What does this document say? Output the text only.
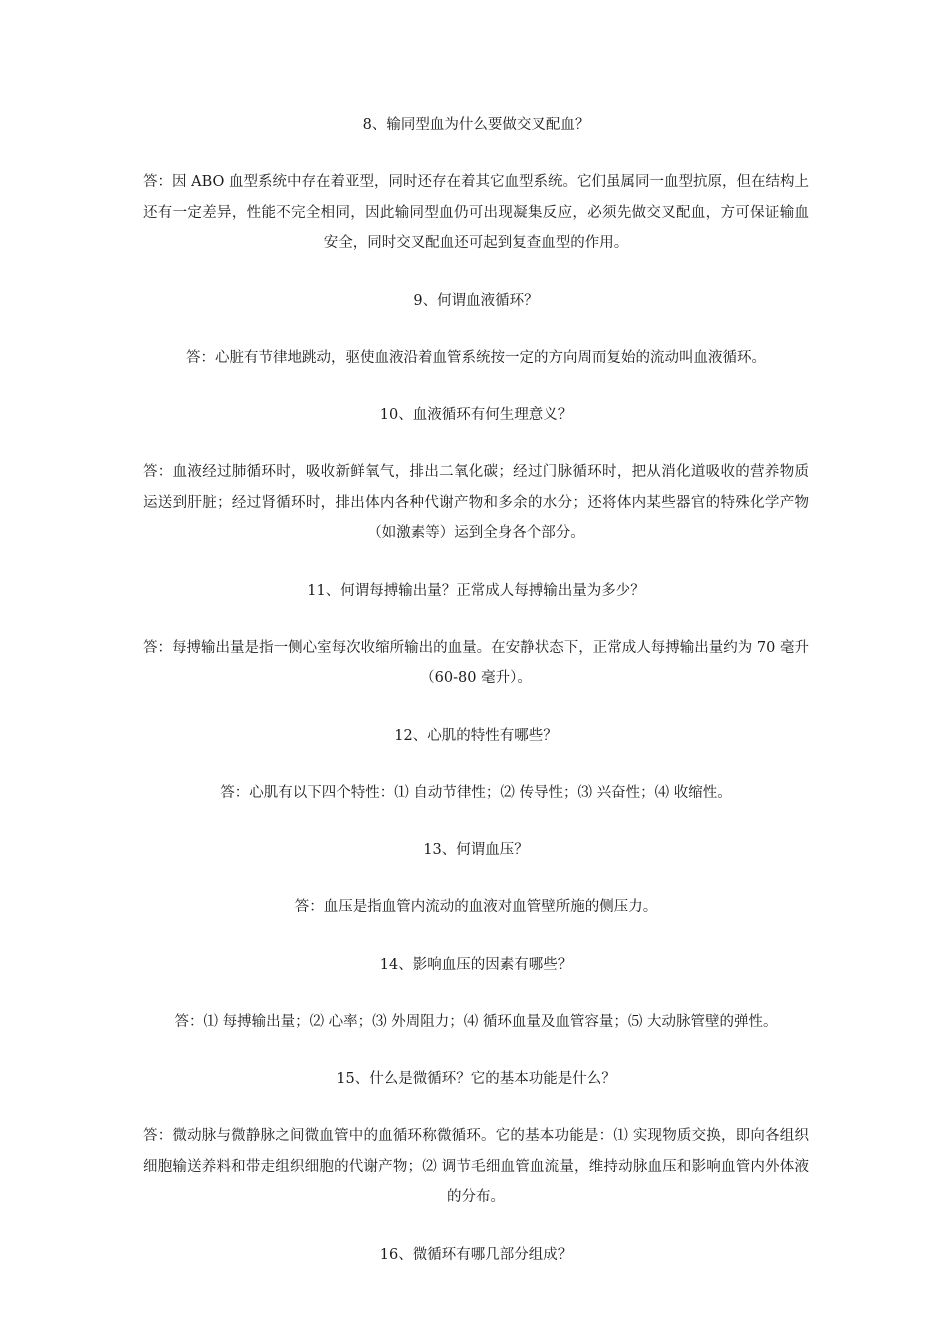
8、输同型血为什么要做交叉配血？

答：因 ABO 血型系统中存在着亚型，同时还存在着其它血型系统。它们虽属同一血型抗原，但在结构上还有一定差异，性能不完全相同，因此输同型血仍可出现凝集反应，必须先做交叉配血，方可保证输血安全，同时交叉配血还可起到复查血型的作用。

9、何谓血液循环？

答：心脏有节律地跳动，驱使血液沿着血管系统按一定的方向周而复始的流动叫血液循环。

10、血液循环有何生理意义？

答：血液经过肺循环时，吸收新鲜氧气，排出二氧化碳；经过门脉循环时，把从消化道吸收的营养物质运送到肝脏；经过肾循环时，排出体内各种代谢产物和多余的水分；还将体内某些器官的特殊化学产物（如激素等）运到全身各个部分。

11、何谓每搏输出量？正常成人每搏输出量为多少？

答：每搏输出量是指一侧心室每次收缩所输出的血量。在安静状态下，正常成人每搏输出量约为 70 毫升（60-80 毫升）。

12、心肌的特性有哪些？

答：心肌有以下四个特性：⑴ 自动节律性；⑵ 传导性；⑶ 兴奋性；⑷ 收缩性。

13、何谓血压？

答：血压是指血管内流动的血液对血管壁所施的侧压力。

14、影响血压的因素有哪些？

答：⑴ 每搏输出量；⑵ 心率；⑶ 外周阻力；⑷ 循环血量及血管容量；⑸ 大动脉管壁的弹性。

15、什么是微循环？它的基本功能是什么？

答：微动脉与微静脉之间微血管中的血循环称微循环。它的基本功能是：⑴ 实现物质交换，即向各组织细胞输送养料和带走组织细胞的代谢产物；⑵ 调节毛细血管血流量，维持动脉血压和影响血管内外体液的分布。

16、微循环有哪几部分组成？
